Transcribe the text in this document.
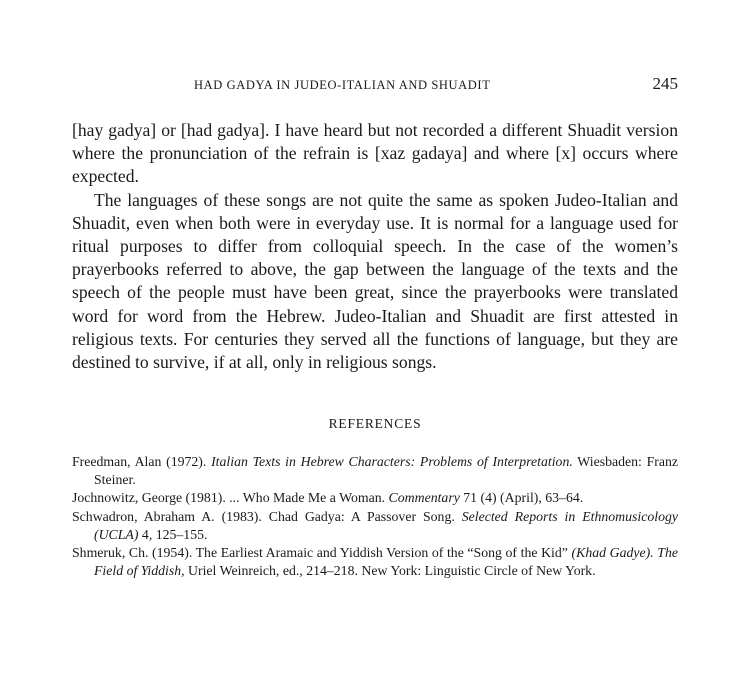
HAD GADYA IN JUDEO-ITALIAN AND SHUADIT	245

[hay gadya] or [had gadya]. I have heard but not recorded a different Shuadit version where the pronunciation of the refrain is [xaz gadaya] and where [x] occurs where expected.

The languages of these songs are not quite the same as spoken Judeo-Italian and Shuadit, even when both were in everyday use. It is normal for a language used for ritual purposes to differ from colloquial speech. In the case of the women’s prayerbooks referred to above, the gap between the language of the texts and the speech of the people must have been great, since the prayerbooks were translated word for word from the Hebrew. Judeo-Italian and Shuadit are first attested in religious texts. For centuries they served all the functions of language, but they are destined to survive, if at all, only in religious songs.

REFERENCES

Freedman, Alan (1972). Italian Texts in Hebrew Characters: Problems of Interpretation. Wiesbaden: Franz Steiner.

Jochnowitz, George (1981). ... Who Made Me a Woman. Commentary 71 (4) (April), 63–64.

Schwadron, Abraham A. (1983). Chad Gadya: A Passover Song. Selected Reports in Ethnomusicology (UCLA) 4, 125–155.

Shmeruk, Ch. (1954). The Earliest Aramaic and Yiddish Version of the “Song of the Kid” (Khad Gadye). The Field of Yiddish, Uriel Weinreich, ed., 214–218. New York: Linguistic Circle of New York.
